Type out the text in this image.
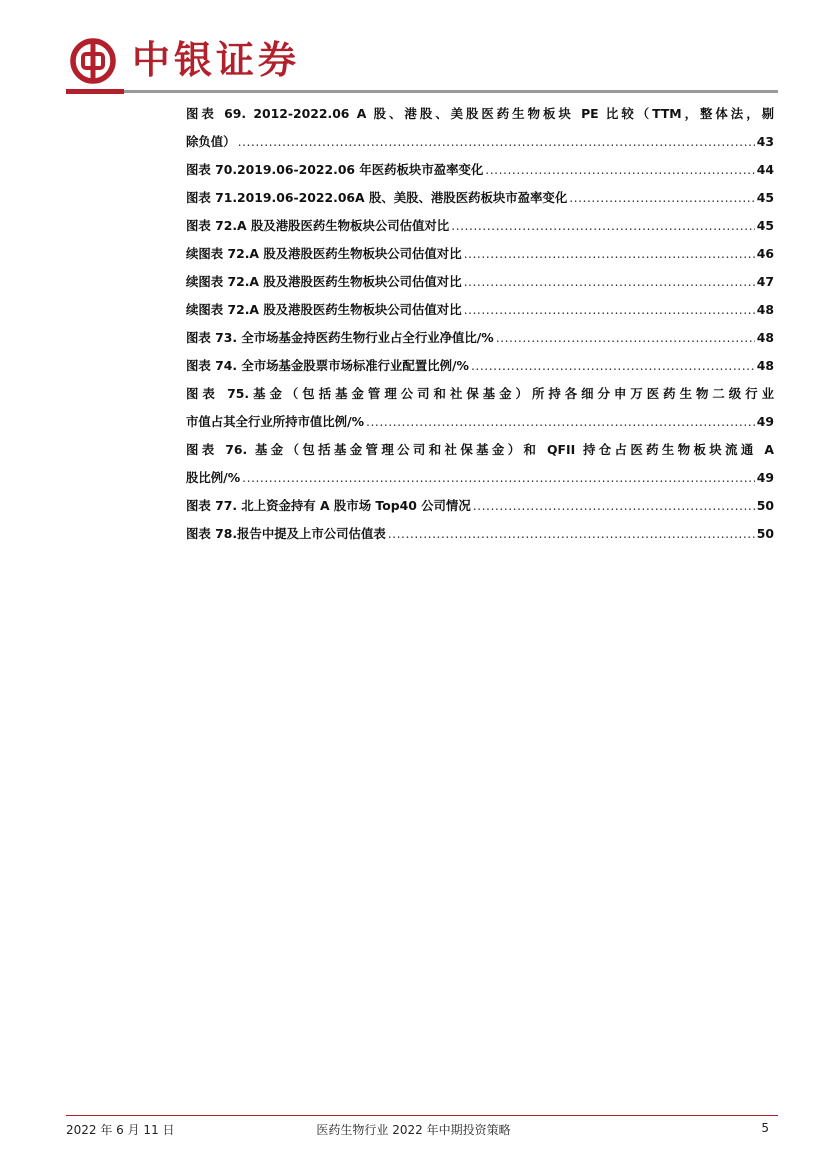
中银证券
图表 69. 2012-2022.06 A 股、港股、美股医药生物板块 PE 比较（TTM，整体法，剔
除负值） .....	43
图表 70.2019.06-2022.06 年医药板块市盈率变化 .....	44
图表 71.2019.06-2022.06A 股、美股、港股医药板块市盈率变化 .....	45
图表 72.A 股及港股医药生物板块公司估值对比 .....	45
续图表 72.A 股及港股医药生物板块公司估值对比 .....	46
续图表 72.A 股及港股医药生物板块公司估值对比 .....	47
续图表 72.A 股及港股医药生物板块公司估值对比 .....	48
图表 73. 全市场基金持医药生物行业占全行业净值比/% .....	48
图表 74. 全市场基金股票市场标准行业配置比例/% .....	48
图表 75.基金（包括基金管理公司和社保基金）所持各细分申万医药生物二级行业
市值占其全行业所持市值比例/% .....	49
图表 76. 基金（包括基金管理公司和社保基金）和 QFII 持仓占医药生物板块流通 A
股比例/% .....	49
图表 77. 北上资金持有 A 股市场 Top40 公司情况 .....	50
图表 78.报告中提及上市公司估值表 .....	50
2022 年 6 月 11 日	医药生物行业 2022 年中期投资策略	5
